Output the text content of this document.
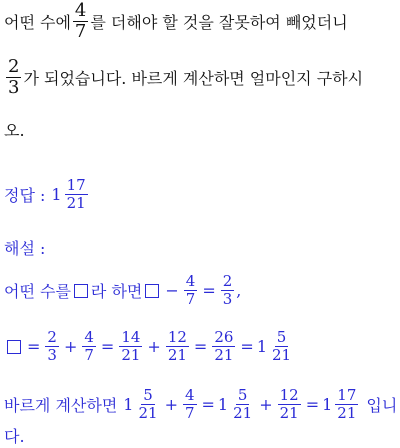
어떤 수에 $\frac{4}{7}$ 를 더해야 할 것을 잘못하여 빼었더니
$\frac{2}{3}$ 가 되었습니다. 바르게 계산하면 얼마인지 구하시
오.
정답 : $1 \frac{17}{21}$
해설 :
어떤 수를 라 하면 − $\frac{4}{7} = \frac{2}{3}$ ,
= $\frac{2}{3} + \frac{4}{7} = \frac{14}{21} + \frac{12}{21} = \frac{26}{21} = 1 \frac{5}{21}$
바르게 계산하면 $1 \frac{5}{21} + \frac{4}{7} = 1 \frac{5}{21} + \frac{12}{21} = 1 \frac{17}{21}$ 입니
다.
